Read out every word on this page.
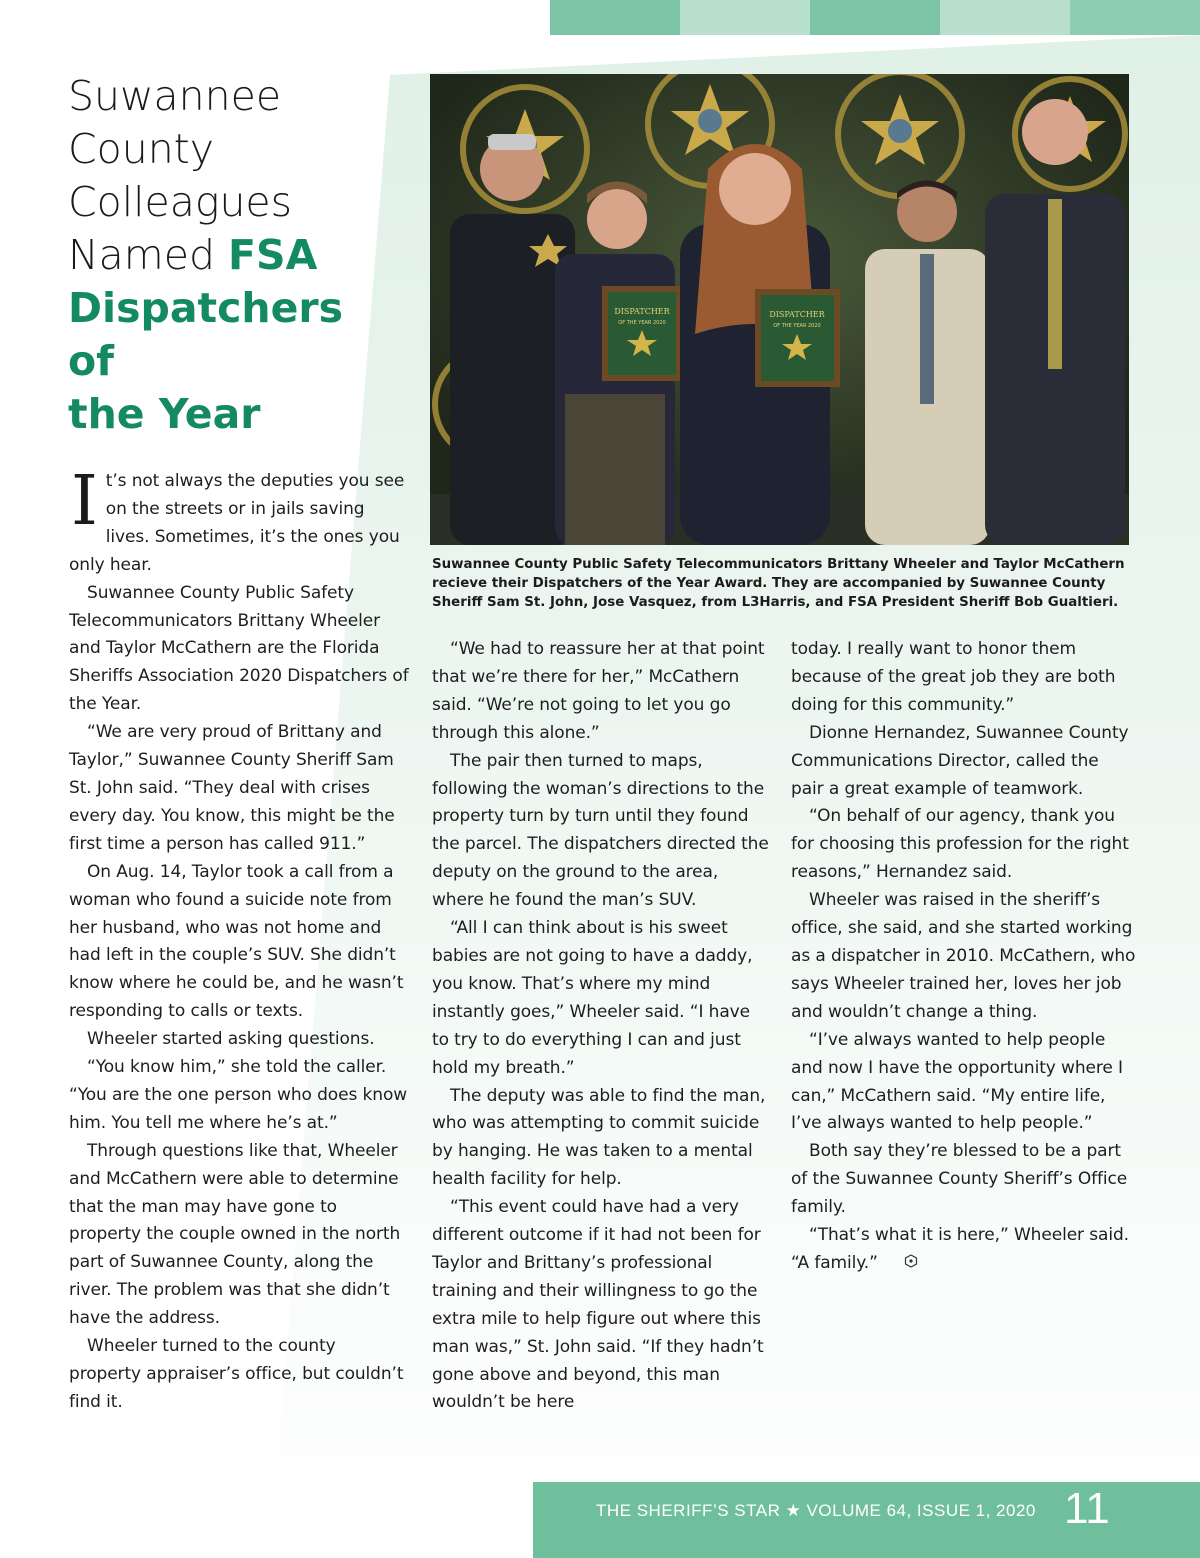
Suwannee
County
Colleagues
Named FSA
Dispatchers of
the Year
DISPATCHER
OF THE YEAR 2020
DISPATCHER
OF THE YEAR 2020
Suwannee County Public Safety Telecommunicators Brittany Wheeler and Taylor McCathern recieve their Dispatchers of the Year Award. They are accompanied by Suwannee County Sheriff Sam St. John, Jose Vasquez, from L3Harris, and FSA President Sheriff Bob Gualtieri.

It’s not always the deputies you see on the streets or in jails saving lives. Sometimes, it’s the ones you only hear.

Suwannee County Public Safety Telecommunicators Brittany Wheeler and Taylor McCathern are the Florida Sheriffs Association 2020 Dispatchers of the Year.

“We are very proud of Brittany and Taylor,” Suwannee County Sheriff Sam St. John said. “They deal with crises every day. You know, this might be the first time a person has called 911.”

On Aug. 14, Taylor took a call from a woman who found a suicide note from her husband, who was not home and had left in the couple’s SUV. She didn’t know where he could be, and he wasn’t responding to calls or texts.

Wheeler started asking questions.

“You know him,” she told the caller. “You are the one person who does know him. You tell me where he’s at.”

Through questions like that, Wheeler and McCathern were able to determine that the man may have gone to property the couple owned in the north part of Suwannee County, along the river. The problem was that she didn’t have the address.

Wheeler turned to the county property appraiser’s office, but couldn’t find it.

“We had to reassure her at that point that we’re there for her,” McCathern said. “We’re not going to let you go through this alone.”

The pair then turned to maps, following the woman’s directions to the property turn by turn until they found the parcel. The dispatchers directed the deputy on the ground to the area, where he found the man’s SUV.

“All I can think about is his sweet babies are not going to have a daddy, you know. That’s where my mind instantly goes,” Wheeler said. “I have to try to do everything I can and just hold my breath.”

The deputy was able to find the man, who was attempting to commit suicide by hanging. He was taken to a mental health facility for help.

“This event could have had a very different outcome if it had not been for Taylor and Brittany’s professional training and their willingness to go the extra mile to help figure out where this man was,” St. John said. “If they hadn’t gone above and beyond, this man wouldn’t be here

today. I really want to honor them because of the great job they are both doing for this community.”

Dionne Hernandez, Suwannee County Communications Director, called the pair a great example of teamwork.

“On behalf of our agency, thank you for choosing this profession for the right reasons,” Hernandez said.

Wheeler was raised in the sheriff’s office, she said, and she started working as a dispatcher in 2010. McCathern, who says Wheeler trained her, loves her job and wouldn’t change a thing.

“I’ve always wanted to help people and now I have the opportunity where I can,” McCathern said. “My entire life, I’ve always wanted to help people.”

Both say they’re blessed to be a part of the Suwannee County Sheriff’s Office family.

“That’s what it is here,” Wheeler said. “A family.”

THE SHERIFF’S STAR ★ VOLUME 64, ISSUE 1, 2020 11
